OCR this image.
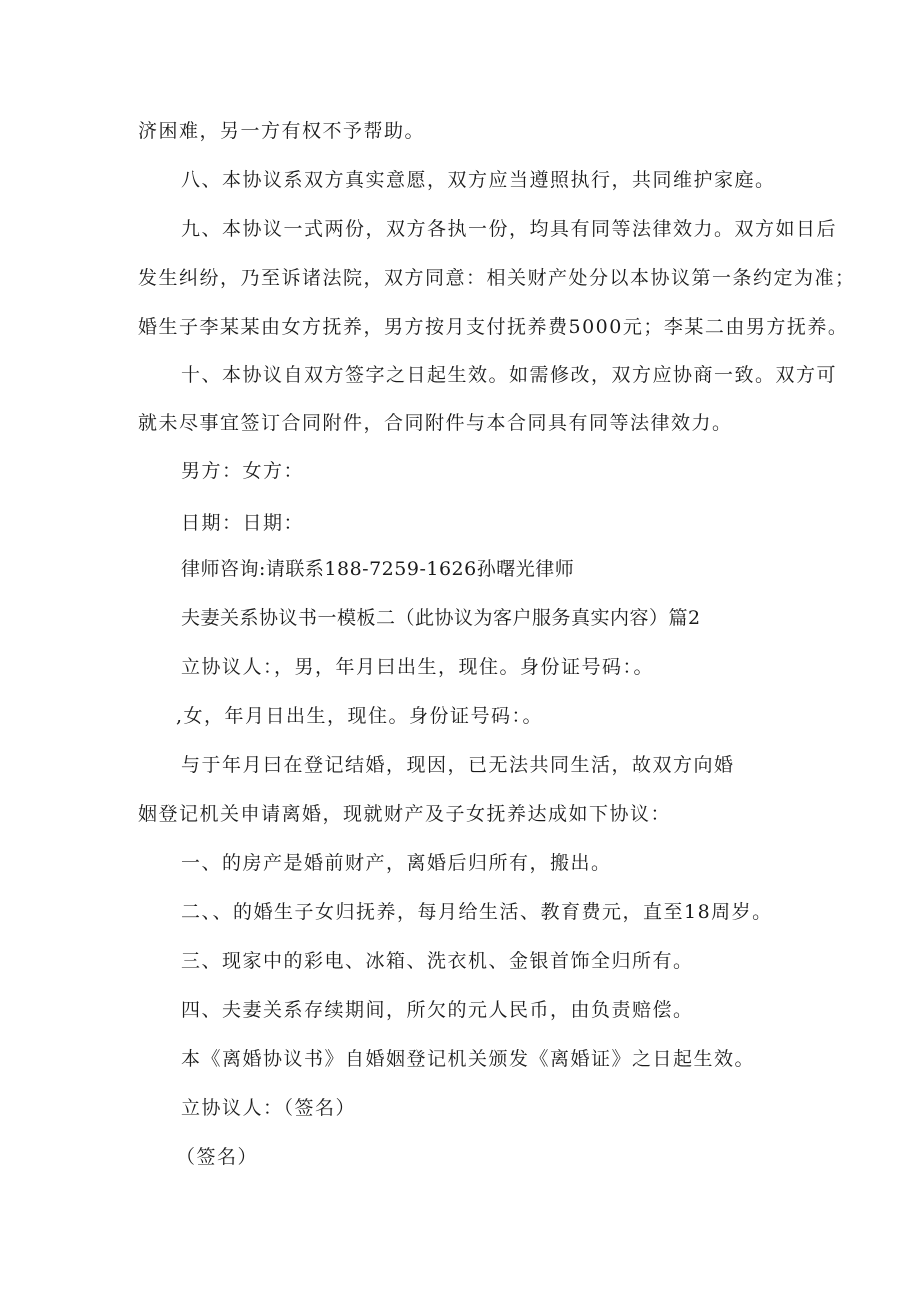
济困难，另一方有权不予帮助。
八、本协议系双方真实意愿，双方应当遵照执行，共同维护家庭。
九、本协议一式两份，双方各执一份，均具有同等法律效力。双方如日后
发生纠纷，乃至诉诸法院，双方同意：相关财产处分以本协议第一条约定为准；
婚生子李某某由女方抚养，男方按月支付抚养费5000元；李某二由男方抚养。
十、本协议自双方签字之日起生效。如需修改，双方应协商一致。双方可
就未尽事宜签订合同附件，合同附件与本合同具有同等法律效力。
男方：女方：
日期：日期：
律师咨询:请联系188-7259-1626孙曙光律师
夫妻关系协议书一模板二（此协议为客户服务真实内容）篇2
立协议人：，男，年月曰出生，现住。身份证号码：。
,女，年月日出生，现住。身份证号码：。
与于年月曰在登记结婚，现因，已无法共同生活，故双方向婚
姻登记机关申请离婚，现就财产及子女抚养达成如下协议：
一、的房产是婚前财产，离婚后归所有，搬出。
二、、的婚生子女归抚养，每月给生活、教育费元，直至18周岁。
三、现家中的彩电、冰箱、洗衣机、金银首饰全归所有。
四、夫妻关系存续期间，所欠的元人民币，由负责赔偿。
本《离婚协议书》自婚姻登记机关颁发《离婚证》之日起生效。
立协议人：（签名）
（签名）
